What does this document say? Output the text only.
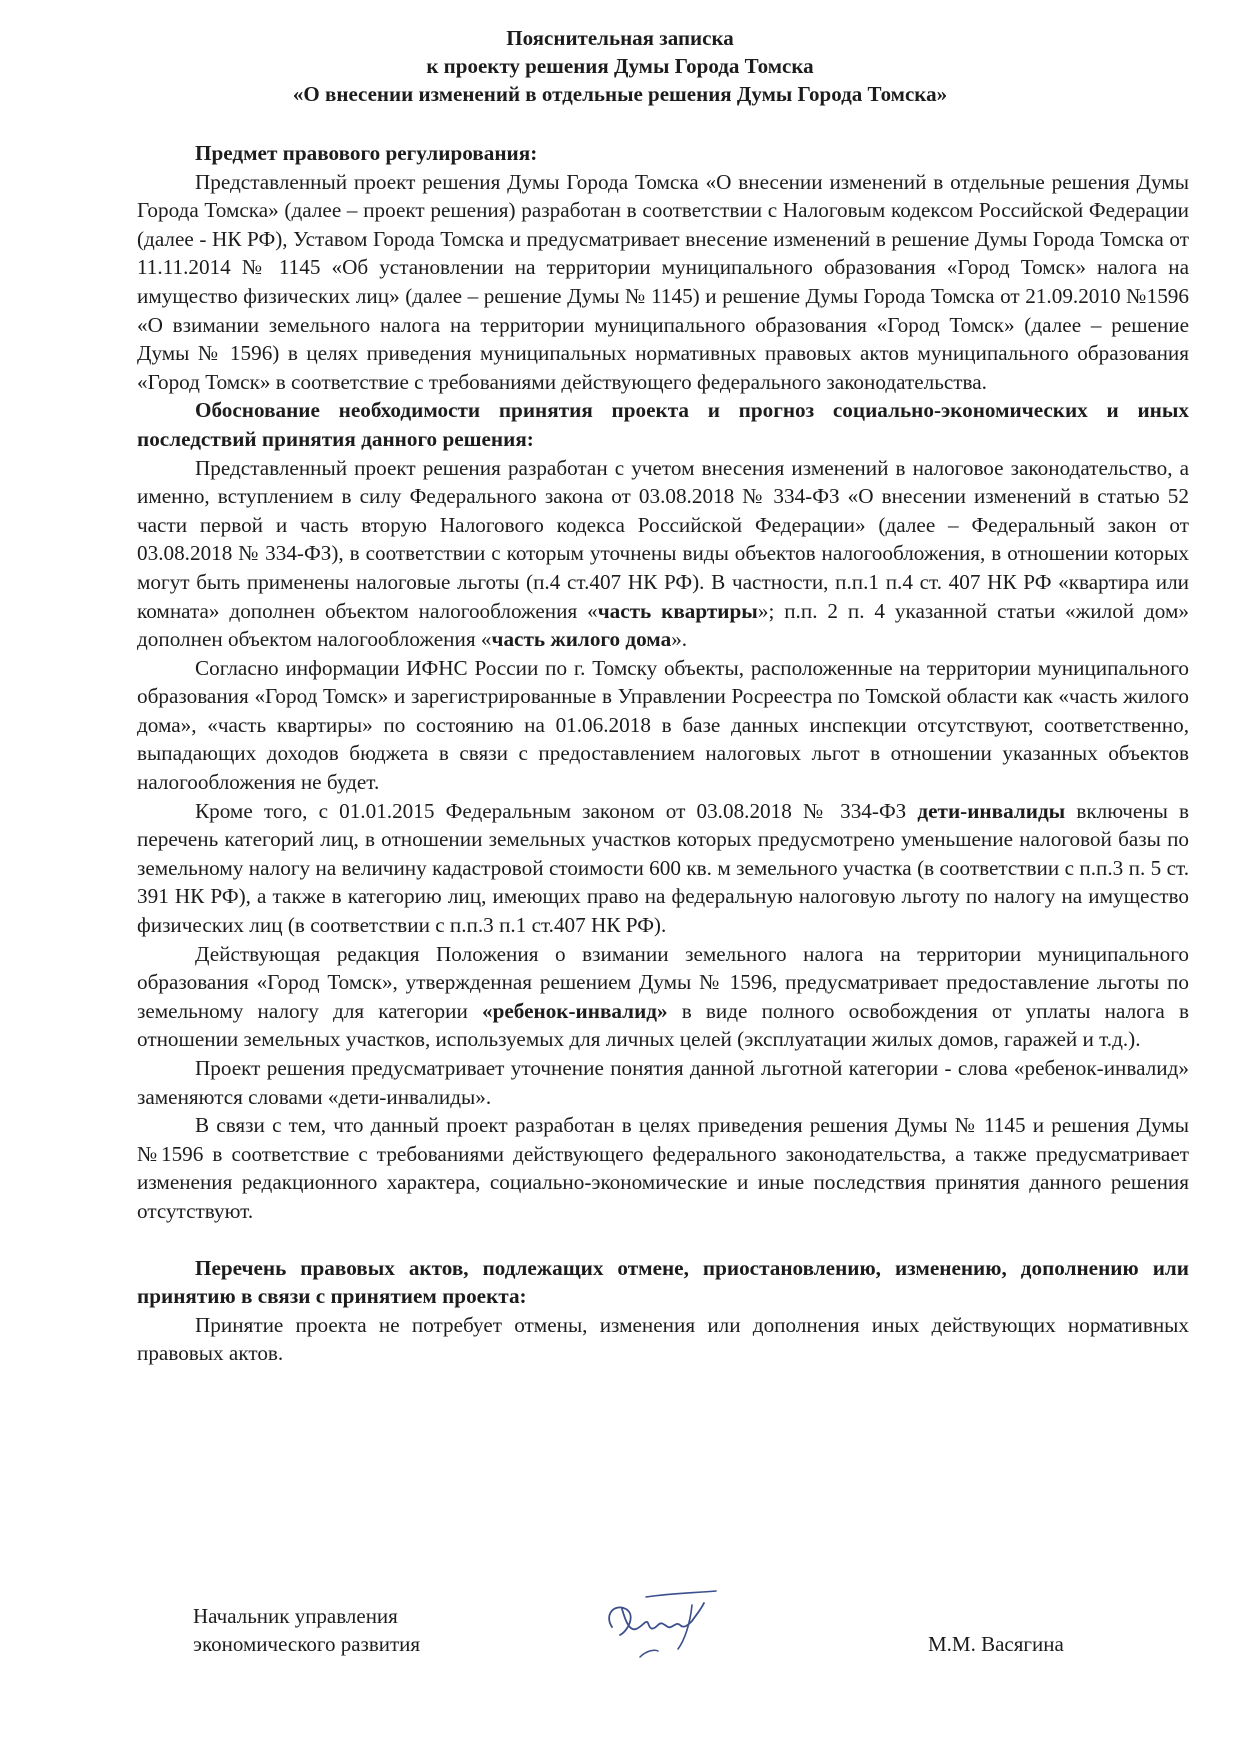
Пояснительная записка
к проекту решения Думы Города Томска
«О внесении изменений в отдельные решения Думы Города Томска»

Предмет правового регулирования:

Представленный проект решения Думы Города Томска «О внесении изменений в отдельные решения Думы Города Томска» (далее – проект решения) разработан в соответствии с Налоговым кодексом Российской Федерации (далее - НК РФ), Уставом Города Томска и предусматривает внесение изменений в решение Думы Города Томска от 11.11.2014 № 1145 «Об установлении на территории муниципального образования «Город Томск» налога на имущество физических лиц» (далее – решение Думы № 1145) и решение Думы Города Томска от 21.09.2010 №1596 «О взимании земельного налога на территории муниципального образования «Город Томск» (далее – решение Думы № 1596) в целях приведения муниципальных нормативных правовых актов муниципального образования «Город Томск» в соответствие с требованиями действующего федерального законодательства.

Обоснование необходимости принятия проекта и прогноз социально-экономических и иных последствий принятия данного решения:

Представленный проект решения разработан с учетом внесения изменений в налоговое законодательство, а именно, вступлением в силу Федерального закона от 03.08.2018 № 334-ФЗ «О внесении изменений в статью 52 части первой и часть вторую Налогового кодекса Российской Федерации» (далее – Федеральный закон от 03.08.2018 № 334-ФЗ), в соответствии с которым уточнены виды объектов налогообложения, в отношении которых могут быть применены налоговые льготы (п.4 ст.407 НК РФ). В частности, п.п.1 п.4 ст. 407 НК РФ «квартира или комната» дополнен объектом налогообложения «часть квартиры»; п.п. 2 п. 4 указанной статьи «жилой дом» дополнен объектом налогообложения «часть жилого дома».

Согласно информации ИФНС России по г. Томску объекты, расположенные на территории муниципального образования «Город Томск» и зарегистрированные в Управлении Росреестра по Томской области как «часть жилого дома», «часть квартиры» по состоянию на 01.06.2018 в базе данных инспекции отсутствуют, соответственно, выпадающих доходов бюджета в связи с предоставлением налоговых льгот в отношении указанных объектов налогообложения не будет.

Кроме того, с 01.01.2015 Федеральным законом от 03.08.2018 № 334-ФЗ дети-инвалиды включены в перечень категорий лиц, в отношении земельных участков которых предусмотрено уменьшение налоговой базы по земельному налогу на величину кадастровой стоимости 600 кв. м земельного участка (в соответствии с п.п.3 п. 5 ст. 391 НК РФ), а также в категорию лиц, имеющих право на федеральную налоговую льготу по налогу на имущество физических лиц (в соответствии с п.п.3 п.1 ст.407 НК РФ).

Действующая редакция Положения о взимании земельного налога на территории муниципального образования «Город Томск», утвержденная решением Думы № 1596, предусматривает предоставление льготы по земельному налогу для категории «ребенок-инвалид» в виде полного освобождения от уплаты налога в отношении земельных участков, используемых для личных целей (эксплуатации жилых домов, гаражей и т.д.).

Проект решения предусматривает уточнение понятия данной льготной категории - слова «ребенок-инвалид» заменяются словами «дети-инвалиды».

В связи с тем, что данный проект разработан в целях приведения решения Думы № 1145 и решения Думы №1596 в соответствие с требованиями действующего федерального законодательства, а также предусматривает изменения редакционного характера, социально-экономические и иные последствия принятия данного решения отсутствуют.

Перечень правовых актов, подлежащих отмене, приостановлению, изменению, дополнению или принятию в связи с принятием проекта:

Принятие проекта не потребует отмены, изменения или дополнения иных действующих нормативных правовых актов.

Начальник управления
экономического развития	М.М. Васягина
